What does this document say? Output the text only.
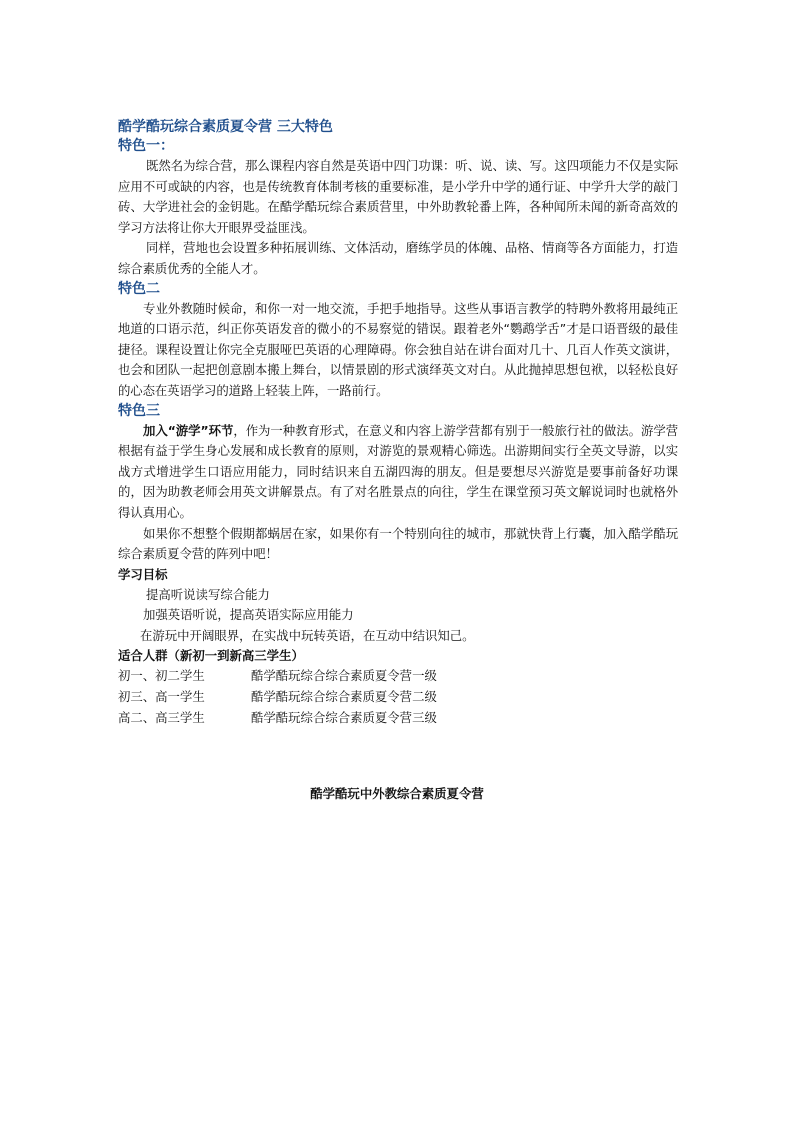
酷学酷玩综合素质夏令营 三大特色

特色一：

既然名为综合营，那么课程内容自然是英语中四门功课：听、说、读、写。这四项能力不仅是实际应用不可或缺的内容，也是传统教育体制考核的重要标准，是小学升中学的通行证、中学升大学的敲门砖、大学进社会的金钥匙。在酷学酷玩综合素质营里，中外助教轮番上阵，各种闻所未闻的新奇高效的学习方法将让你大开眼界受益匪浅。

同样，营地也会设置多种拓展训练、文体活动，磨练学员的体魄、品格、情商等各方面能力，打造综合素质优秀的全能人才。

特色二

专业外教随时候命，和你一对一地交流，手把手地指导。这些从事语言教学的特聘外教将用最纯正地道的口语示范，纠正你英语发音的微小的不易察觉的错误。跟着老外“鹦鹉学舌”才是口语晋级的最佳捷径。课程设置让你完全克服哑巴英语的心理障碍。你会独自站在讲台面对几十、几百人作英文演讲，也会和团队一起把创意剧本搬上舞台，以情景剧的形式演绎英文对白。从此抛掉思想包袱，以轻松良好的心态在英语学习的道路上轻装上阵，一路前行。

特色三

加入“游学”环节，作为一种教育形式，在意义和内容上游学营都有别于一般旅行社的做法。游学营根据有益于学生身心发展和成长教育的原则，对游览的景观精心筛选。出游期间实行全英文导游，以实战方式增进学生口语应用能力，同时结识来自五湖四海的朋友。但是要想尽兴游览是要事前备好功课的，因为助教老师会用英文讲解景点。有了对名胜景点的向往，学生在课堂预习英文解说词时也就格外得认真用心。

如果你不想整个假期都蜗居在家，如果你有一个特别向往的城市，那就快背上行囊，加入酷学酷玩综合素质夏令营的阵列中吧！

学习目标

提高听说读写综合能力

加强英语听说，提高英语实际应用能力

在游玩中开阔眼界，在实战中玩转英语，在互动中结识知己。

适合人群（新初一到新高三学生）

初一、初二学生	酷学酷玩综合综合素质夏令营一级
初三、高一学生	酷学酷玩综合综合素质夏令营二级
高二、高三学生	酷学酷玩综合综合素质夏令营三级
酷学酷玩中外教综合素质夏令营
